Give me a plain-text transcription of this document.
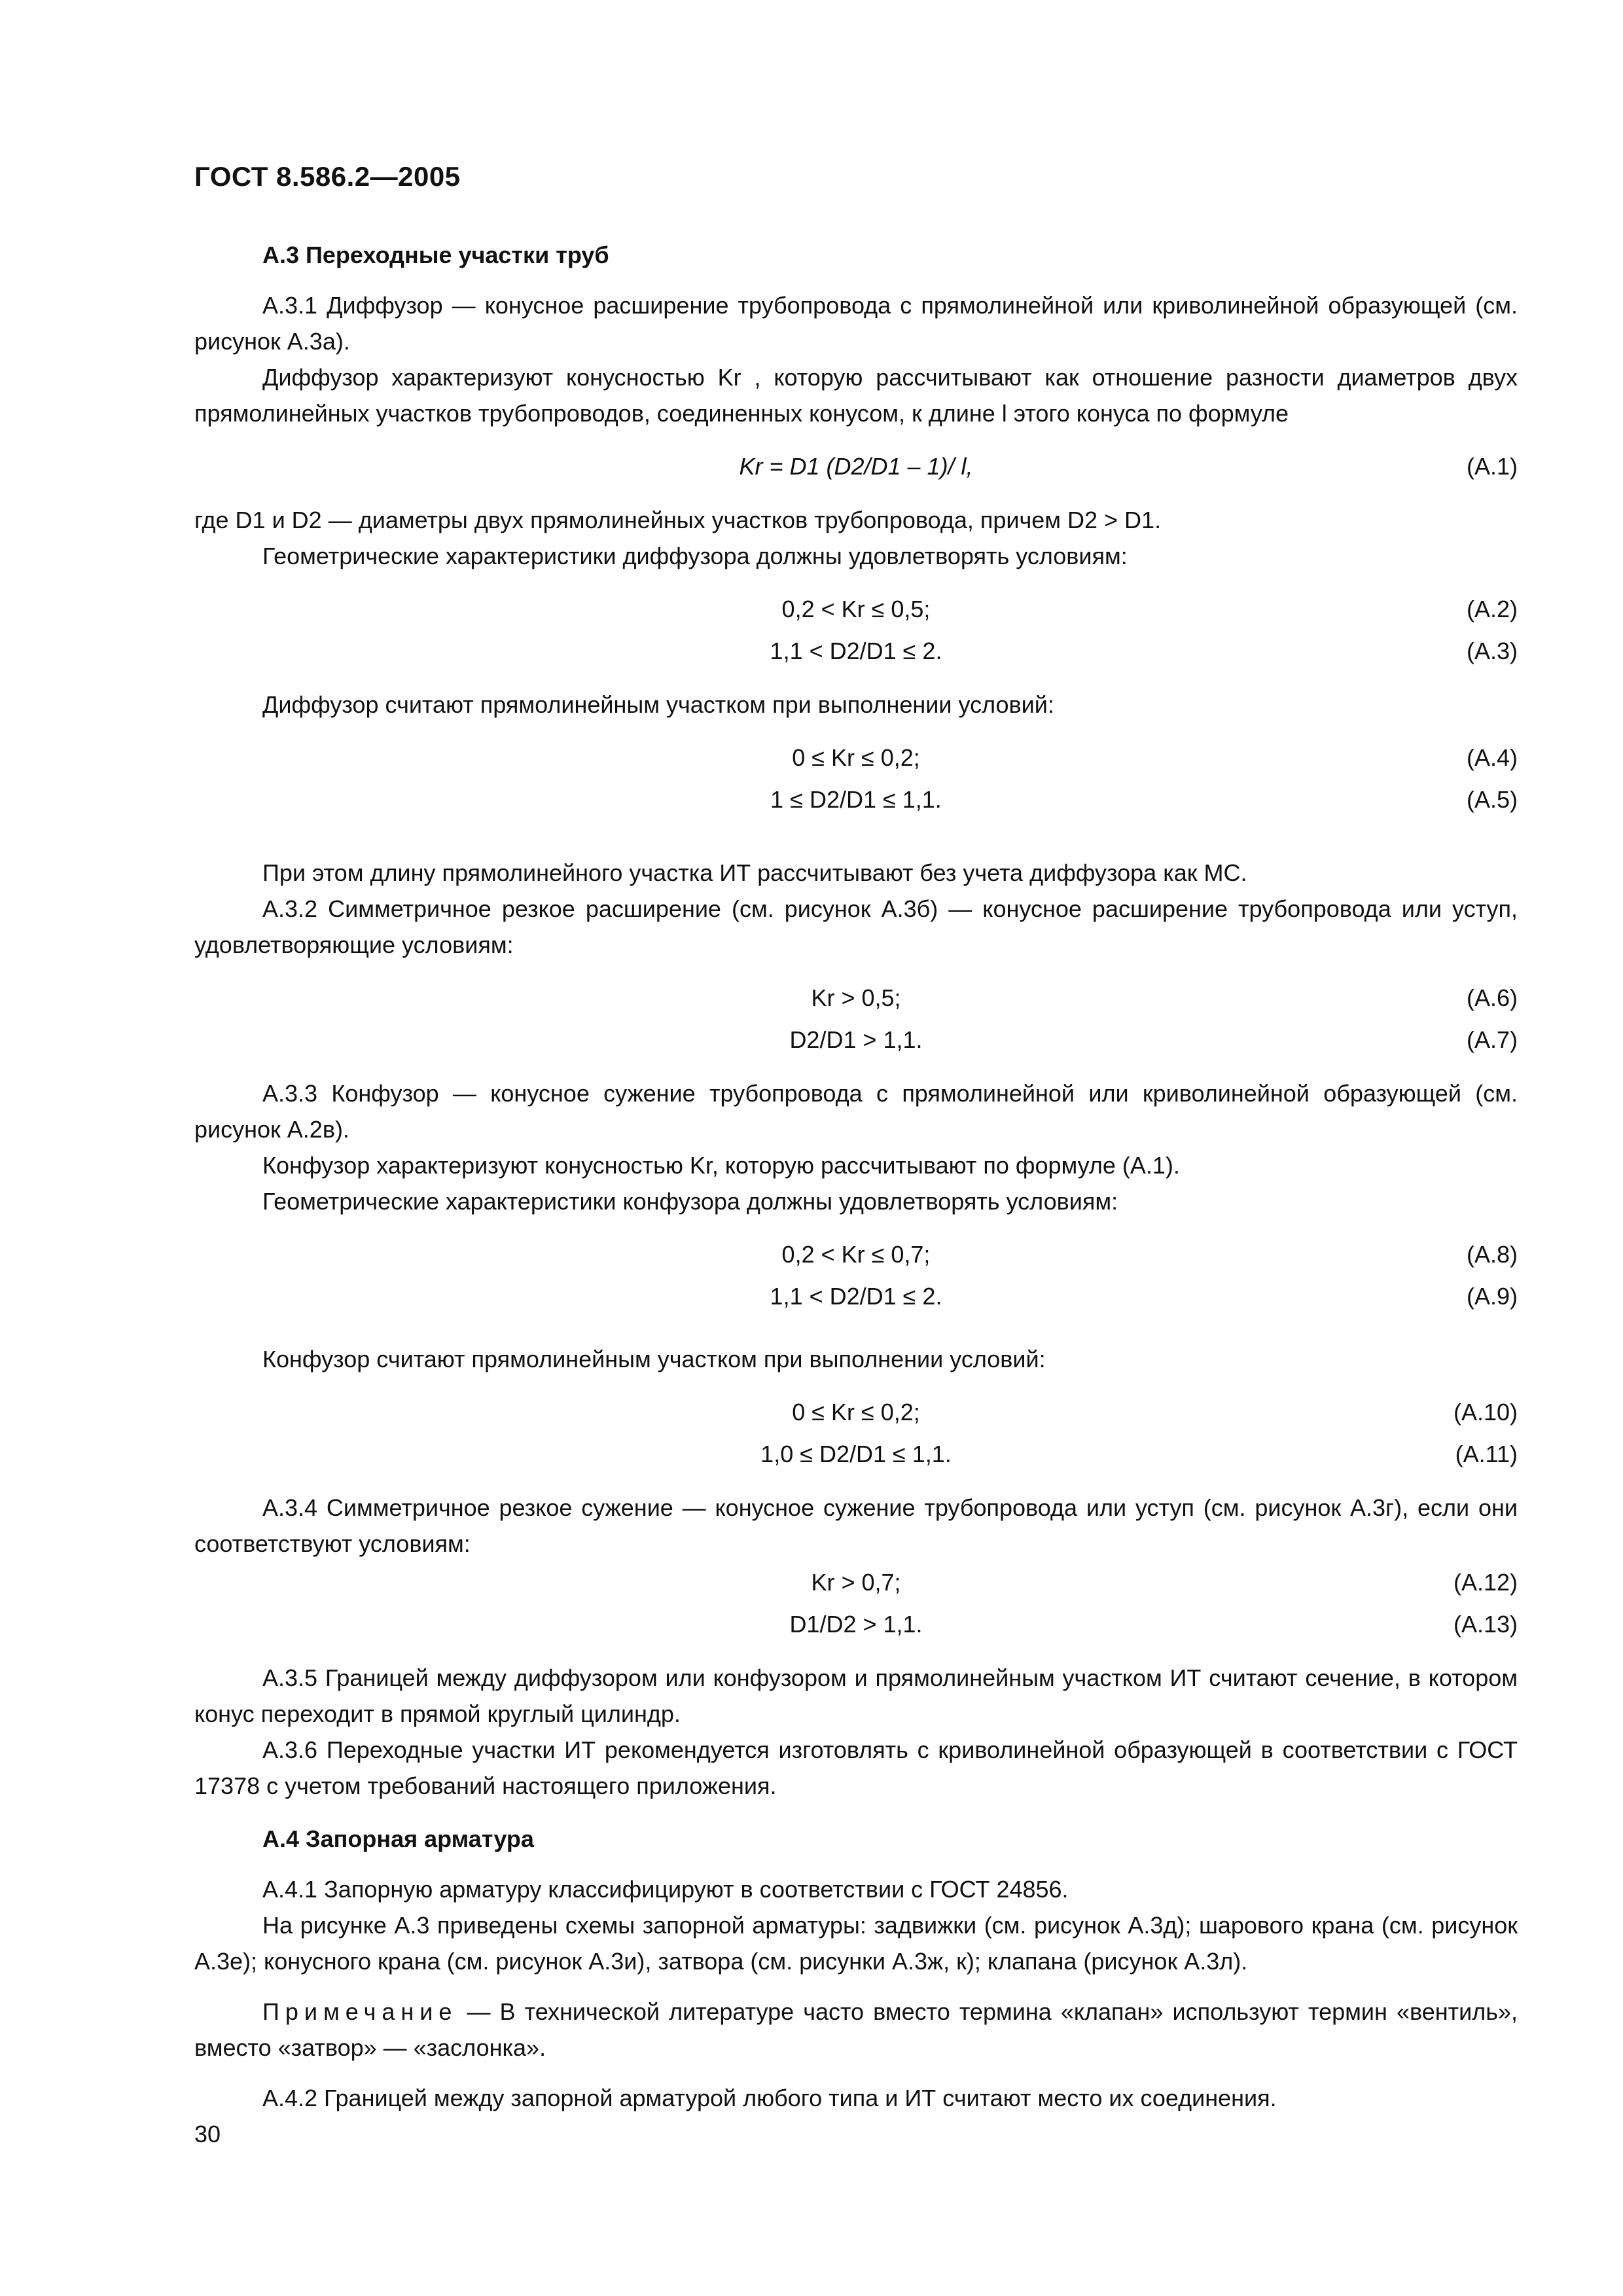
ГОСТ 8.586.2—2005

А.3 Переходные участки труб

А.3.1 Диффузор — конусное расширение трубопровода с прямолинейной или криволинейной образующей (см. рисунок А.3а).

Диффузор характеризуют конусностью Kr , которую рассчитывают как отношение разности диаметров двух прямолинейных участков трубопроводов, соединенных конусом, к длине l этого конуса по формуле

Kr = D1 (D2/D1 – 1)/ l,	(А.1)

где D1 и D2 — диаметры двух прямолинейных участков трубопровода, причем D2 > D1.

Геометрические характеристики диффузора должны удовлетворять условиям:

0,2 < Kr ≤ 0,5;	(А.2)
1,1 < D2/D1 ≤ 2.	(А.3)

Диффузор считают прямолинейным участком при выполнении условий:

0 ≤ Kr ≤ 0,2;	(А.4)
1 ≤ D2/D1 ≤ 1,1.	(А.5)

При этом длину прямолинейного участка ИТ рассчитывают без учета диффузора как МС.

А.3.2 Симметричное резкое расширение (см. рисунок А.3б) — конусное расширение трубопровода или уступ, удовлетворяющие условиям:

Kr > 0,5;	(А.6)
D2/D1 > 1,1.	(А.7)

А.3.3 Конфузор — конусное сужение трубопровода с прямолинейной или криволинейной образующей (см. рисунок А.2в).

Конфузор характеризуют конусностью Kr, которую рассчитывают по формуле (А.1).

Геометрические характеристики конфузора должны удовлетворять условиям:

0,2 < Kr ≤ 0,7;	(А.8)
1,1 < D2/D1 ≤ 2.	(А.9)

Конфузор считают прямолинейным участком при выполнении условий:

0 ≤ Kr ≤ 0,2;	(А.10)
1,0 ≤ D2/D1 ≤ 1,1.	(А.11)

А.3.4 Симметричное резкое сужение — конусное сужение трубопровода или уступ (см. рисунок А.3г), если они соответствуют условиям:

Kr > 0,7;	(А.12)
D1/D2 > 1,1.	(А.13)

А.3.5 Границей между диффузором или конфузором и прямолинейным участком ИТ считают сечение, в котором конус переходит в прямой круглый цилиндр.

А.3.6 Переходные участки ИТ рекомендуется изготовлять с криволинейной образующей в соответствии с ГОСТ 17378 с учетом требований настоящего приложения.

А.4 Запорная арматура

А.4.1 Запорную арматуру классифицируют в соответствии с ГОСТ 24856.

На рисунке А.3 приведены схемы запорной арматуры: задвижки (см. рисунок А.3д); шарового крана (см. рисунок А.3е); конусного крана (см. рисунок А.3и), затвора (см. рисунки А.3ж, к); клапана (рисунок А.3л).

Примечание — В технической литературе часто вместо термина «клапан» используют термин «вентиль», вместо «затвор» — «заслонка».

А.4.2 Границей между запорной арматурой любого типа и ИТ считают место их соединения.

30
